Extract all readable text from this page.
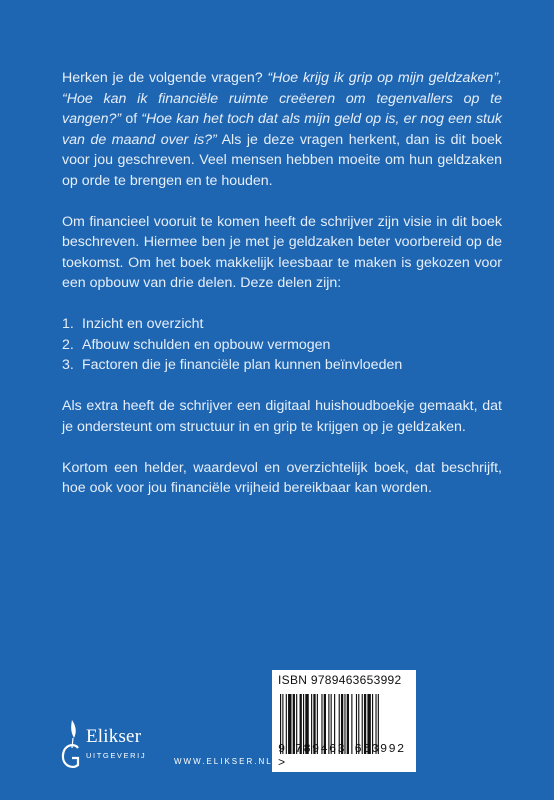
Herken je de volgende vragen? “Hoe krijg ik grip op mijn geldzaken”, “Hoe kan ik financiële ruimte creëeren om tegenvallers op te vangen?” of “Hoe kan het toch dat als mijn geld op is, er nog een stuk van de maand over is?” Als je deze vragen herkent, dan is dit boek voor jou geschreven. Veel mensen hebben moeite om hun geldzaken op orde te brengen en te houden.

Om financieel vooruit te komen heeft de schrijver zijn visie in dit boek beschreven. Hiermee ben je met je geldzaken beter voorbereid op de toekomst. Om het boek makkelijk leesbaar te maken is gekozen voor een opbouw van drie delen. Deze delen zijn:

1. Inzicht en overzicht
2. Afbouw schulden en opbouw vermogen
3. Factoren die je financiële plan kunnen beïnvloeden

Als extra heeft de schrijver een digitaal huishoudboekje gemaakt, dat je ondersteunt om structuur in en grip te krijgen op je geldzaken.

Kortom een helder, waardevol en overzichtelijk boek, dat beschrijft, hoe ook voor jou financiële vrijheid bereikbaar kan worden.

ISBN 9789463653992
9 789463 653992 >
Elikser
UITGEVERIJ
WWW.ELIKSER.NL
